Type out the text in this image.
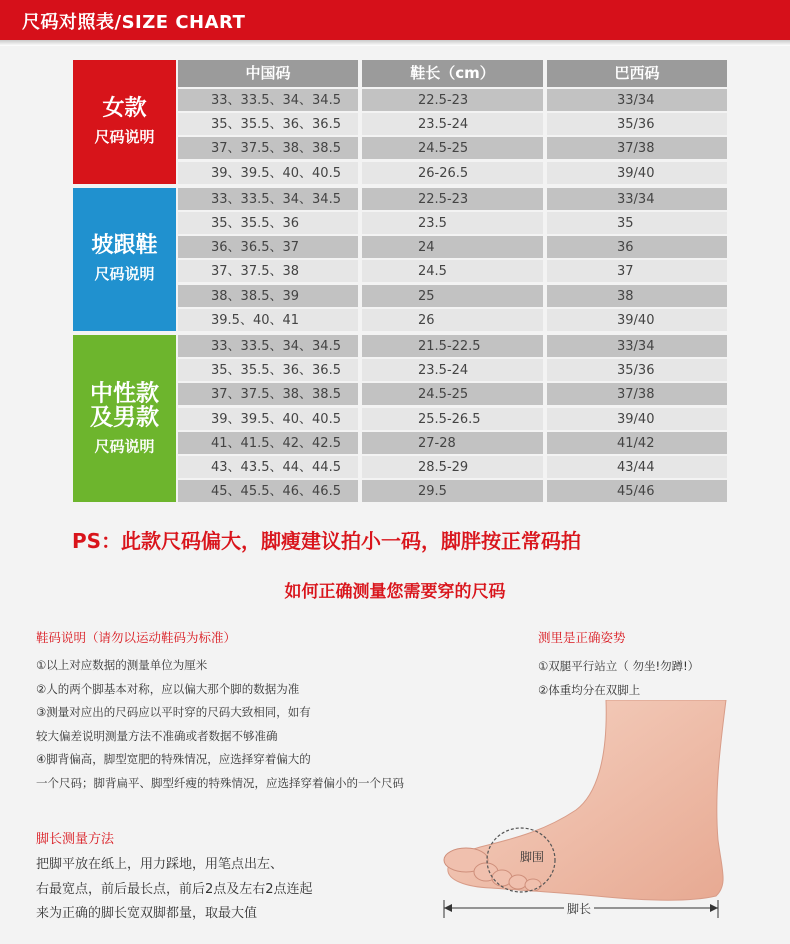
尺码对照表/SIZE CHART
中国码	鞋长（cm）	巴西码
33、33.5、34、34.5	22.5-23	33/34
35、35.5、36、36.5	23.5-24	35/36
37、37.5、38、38.5	24.5-25	37/38
39、39.5、40、40.5	26-26.5	39/40
女款
尺码说明
33、33.5、34、34.5	22.5-23	33/34
35、35.5、36	23.5	35
36、36.5、37	24	36
37、37.5、38	24.5	37
38、38.5、39	25	38
39.5、40、41	26	39/40
坡跟鞋
尺码说明
33、33.5、34、34.5	21.5-22.5	33/34
35、35.5、36、36.5	23.5-24	35/36
37、37.5、38、38.5	24.5-25	37/38
39、39.5、40、40.5	25.5-26.5	39/40
41、41.5、42、42.5	27-28	41/42
43、43.5、44、44.5	28.5-29	43/44
45、45.5、46、46.5	29.5	45/46
中性款
及男款
尺码说明
PS：此款尺码偏大，脚瘦建议拍小一码，脚胖按正常码拍
如何正确测量您需要穿的尺码
鞋码说明（请勿以运动鞋码为标准）
①以上对应数据的测量单位为厘米
②人的两个脚基本对称，应以偏大那个脚的数据为准
③测量对应出的尺码应以平时穿的尺码大致相同，如有
较大偏差说明测量方法不准确或者数据不够准确
④脚背偏高，脚型宽肥的特殊情况，应选择穿着偏大的
一个尺码；脚背扁平、脚型纤瘦的特殊情况，应选择穿着偏小的一个尺码
测里是正确姿势
①双腿平行站立（ 勿坐!勿蹲!）
②体重均分在双脚上
脚长测量方法
把脚平放在纸上，用力踩地，用笔点出左、
右最宽点，前后最长点，前后2点及左右2点连起
来为正确的脚长宽双脚都量，取最大值
脚围
脚长
